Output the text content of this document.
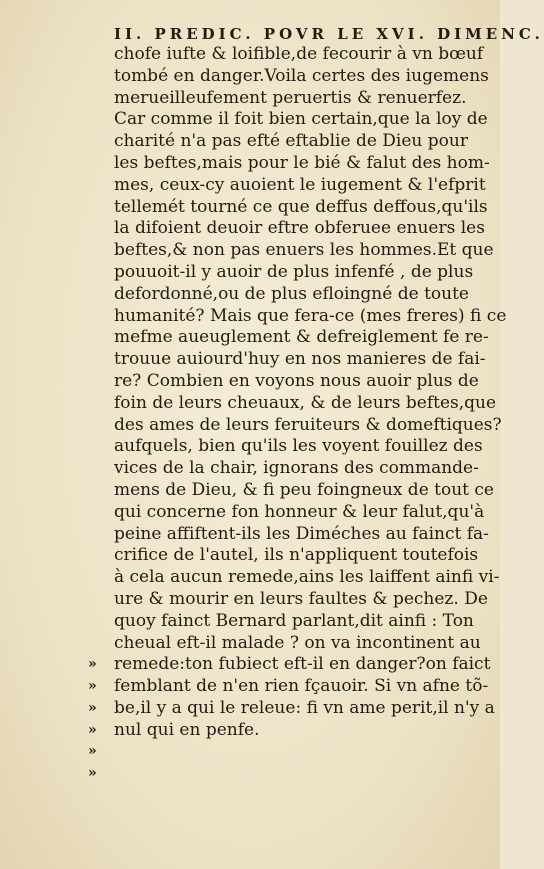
II. PREDIC. POVR LE XVI. DIMENC.
chofe iufte & loifible,de fecourir à vn bœuf
tombé en danger.Voila certes des iugemens
merueilleufement peruertis & renuerfez.
Car comme il foit bien certain,que la loy de
charité n'a pas efté eftablie de Dieu pour
les beftes,mais pour le bié & falut des hom-
mes, ceux-cy auoient le iugement & l'efprit
tellemét tourné ce que deffus deffous,qu'ils
la difoient deuoir eftre obferuee enuers les
beftes,& non pas enuers les hommes.Et que
pouuoit-il y auoir de plus infenfé , de plus
defordonné,ou de plus efloingné de toute
humanité? Mais que fera-ce (mes freres) fi ce
mefme aueuglement & defreiglement fe re-
trouue auiourd'huy en nos manieres de fai-
re? Combien en voyons nous auoir plus de
foin de leurs cheuaux, & de leurs beftes,que
des ames de leurs feruiteurs & domeftiques?
aufquels, bien qu'ils les voyent fouillez des
vices de la chair, ignorans des commande-
mens de Dieu, & fi peu foingneux de tout ce
qui concerne fon honneur & leur falut,qu'à
peine affiftent-ils les Diméches au fainct fa-
crifice de l'autel, ils n'appliquent toutefois
à cela aucun remede,ains les laiffent ainfi vi-
ure & mourir en leurs faultes & pechez. De
quoy fainct Bernard parlant,dit ainfi : Ton
cheual eft-il malade ? on va incontinent au
remede:ton fubiect eft-il en danger?on faict
femblant de n'en rien fçauoir. Si vn afne tõ-
be,il y a qui le releue: fi vn ame perit,il n'y a
nul qui en penfe.
»
»
»
»
»
»
